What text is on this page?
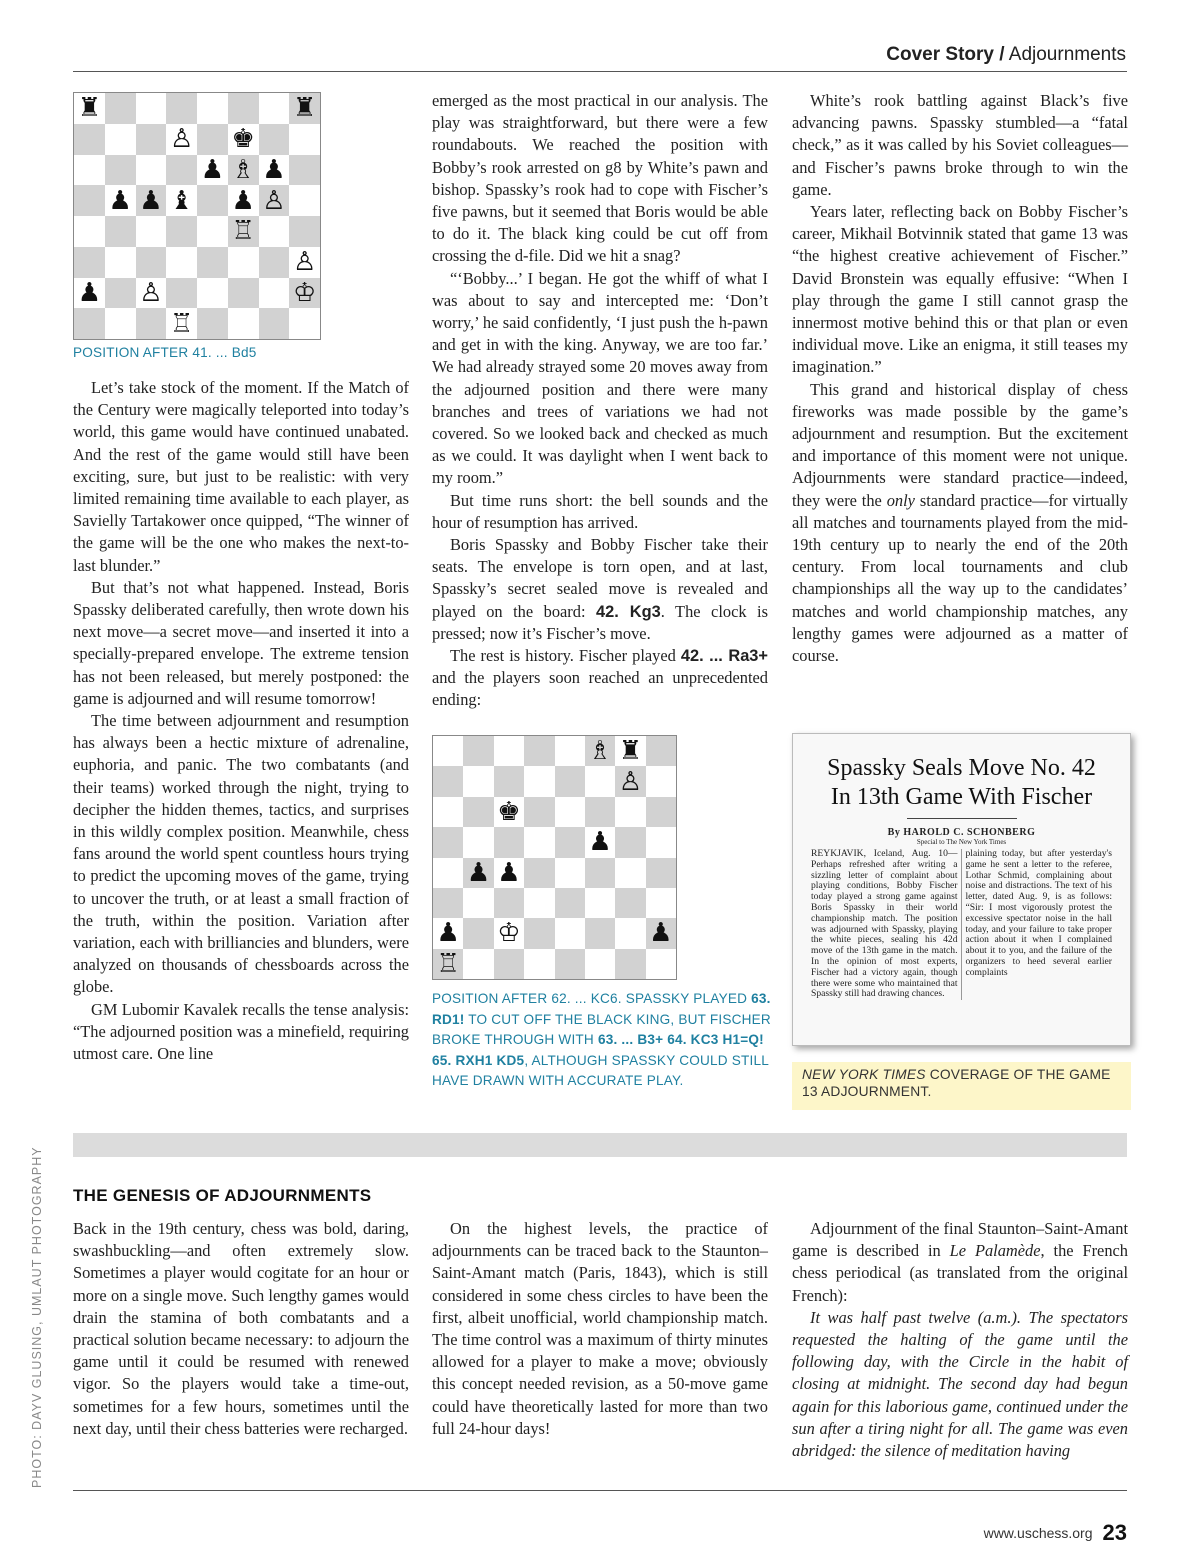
Cover Story / Adjournments
♜	♜
♙ ♚
♟ ♗ ♟
♟ ♟ ♝ ♟ ♙
♖
♙
♟ ♙	♔
♖
POSITION AFTER 41. ... Bd5

Let’s take stock of the moment. If the Match of the Century were magically teleported into today’s world, this game would have continued unabated. And the rest of the game would still have been exciting, sure, but just to be realistic: with very limited remaining time available to each player, as Savielly Tartakower once quipped, “The winner of the game will be the one who makes the next-to-last blunder.”

But that’s not what happened. Instead, Boris Spassky deliberated carefully, then wrote down his next move—a secret move—and inserted it into a specially-prepared envelope. The extreme tension has not been released, but merely postponed: the game is adjourned and will resume tomorrow!

The time between adjournment and resumption has always been a hectic mixture of adrenaline, euphoria, and panic. The two combatants (and their teams) worked through the night, trying to decipher the hidden themes, tactics, and surprises in this wildly complex position. Meanwhile, chess fans around the world spent countless hours trying to predict the upcoming moves of the game, trying to uncover the truth, or at least a small fraction of the truth, within the position. Variation after variation, each with brilliancies and blunders, were analyzed on thousands of chessboards across the globe.

GM Lubomir Kavalek recalls the tense analysis: “The adjourned position was a minefield, requiring utmost care. One line

emerged as the most practical in our analysis. The play was straightforward, but there were a few roundabouts. We reached the position with Bobby’s rook arrested on g8 by White’s pawn and bishop. Spassky’s rook had to cope with Fischer’s five pawns, but it seemed that Boris would be able to do it. The black king could be cut off from crossing the d-file. Did we hit a snag?

“‘Bobby...’ I began. He got the whiff of what I was about to say and intercepted me: ‘Don’t worry,’ he said confidently, ‘I just push the h-pawn and get in with the king. Anyway, we are too far.’ We had already strayed some 20 moves away from the adjourned position and there were many branches and trees of variations we had not covered. So we looked back and checked as much as we could. It was daylight when I went back to my room.”

But time runs short: the bell sounds and the hour of resumption has arrived.

Boris Spassky and Bobby Fischer take their seats. The envelope is torn open, and at last, Spassky’s secret sealed move is revealed and played on the board: 42. Kg3. The clock is pressed; now it’s Fischer’s move.

The rest is history. Fischer played 42. ... Ra3+ and the players soon reached an unprecedented ending:

♗ ♜
♙
♚
♟
♟ ♟
♟ ♔	♟
♖
POSITION AFTER 62. ... KC6. SPASSKY PLAYED 63. RD1! TO CUT OFF THE BLACK KING, BUT FISCHER BROKE THROUGH WITH 63. ... B3+ 64. KC3 H1=Q! 65. RXH1 KD5, ALTHOUGH SPASSKY COULD STILL HAVE DRAWN WITH ACCURATE PLAY.

White’s rook battling against Black’s five advancing pawns. Spassky stumbled—a “fatal check,” as it was called by his Soviet colleagues—and Fischer’s pawns broke through to win the game.

Years later, reflecting back on Bobby Fischer’s career, Mikhail Botvinnik stated that game 13 was “the highest creative achievement of Fischer.” David Bronstein was equally effusive: “When I play through the game I still cannot grasp the innermost motive behind this or that plan or even individual move. Like an enigma, it still teases my imagination.”

This grand and historical display of chess fireworks was made possible by the game’s adjournment and resumption. But the excitement and importance of this moment were not unique. Adjournments were standard practice—indeed, they were the only standard practice—for virtually all matches and tournaments played from the mid-19th century up to nearly the end of the 20th century. From local tournaments and club championships all the way up to the candidates’ matches and world championship matches, any lengthy games were adjourned as a matter of course.

Spassky Seals Move No. 42
In 13th Game With Fischer
By HAROLD C. SCHONBERG
Special to The New York Times
REYKJAVIK, Iceland, Aug. 10—Perhaps refreshed after writing a sizzling letter of complaint about playing conditions, Bobby Fischer today played a strong game against Boris Spassky in their world championship match. The position was adjourned with Spassky, playing the white pieces, sealing his 42d move of the 13th game in the match. In the opinion of most experts, Fischer had a victory again, though there were some who maintained that Spassky still had drawing chances.
plaining today, but after yesterday's game he sent a letter to the referee, Lothar Schmid, complaining about noise and distractions. The text of his letter, dated Aug. 9, is as follows: “Sir: I most vigorously protest the excessive spectator noise in the hall today, and your failure to take proper action about it when I complained about it to you, and the failure of the organizers to heed several earlier complaints
NEW YORK TIMES COVERAGE OF THE GAME 13 ADJOURNMENT.
THE GENESIS OF ADJOURNMENTS

Back in the 19th century, chess was bold, daring, swashbuckling—and often extremely slow. Sometimes a player would cogitate for an hour or more on a single move. Such lengthy games would drain the stamina of both combatants and a practical solution became necessary: to adjourn the game until it could be resumed with renewed vigor. So the players would take a time-out, sometimes for a few hours, sometimes until the next day, until their chess batteries were recharged.

On the highest levels, the practice of adjournments can be traced back to the Staunton–Saint-Amant match (Paris, 1843), which is still considered in some chess circles to have been the first, albeit unofficial, world championship match. The time control was a maximum of thirty minutes allowed for a player to make a move; obviously this concept needed revision, as a 50-move game could have theoretically lasted for more than two full 24-hour days!

Adjournment of the final Staunton–Saint-Amant game is described in Le Palamède, the French chess periodical (as translated from the original French):

It was half past twelve (a.m.). The spectators requested the halting of the game until the following day, with the Circle in the habit of closing at midnight. The second day had begun again for this laborious game, continued under the sun after a tiring night for all. The game was even abridged: the silence of meditation having

PHOTO: DAYV GLUSING, UMLAUT PHOTOGRAPHY
www.uschess.org 23
